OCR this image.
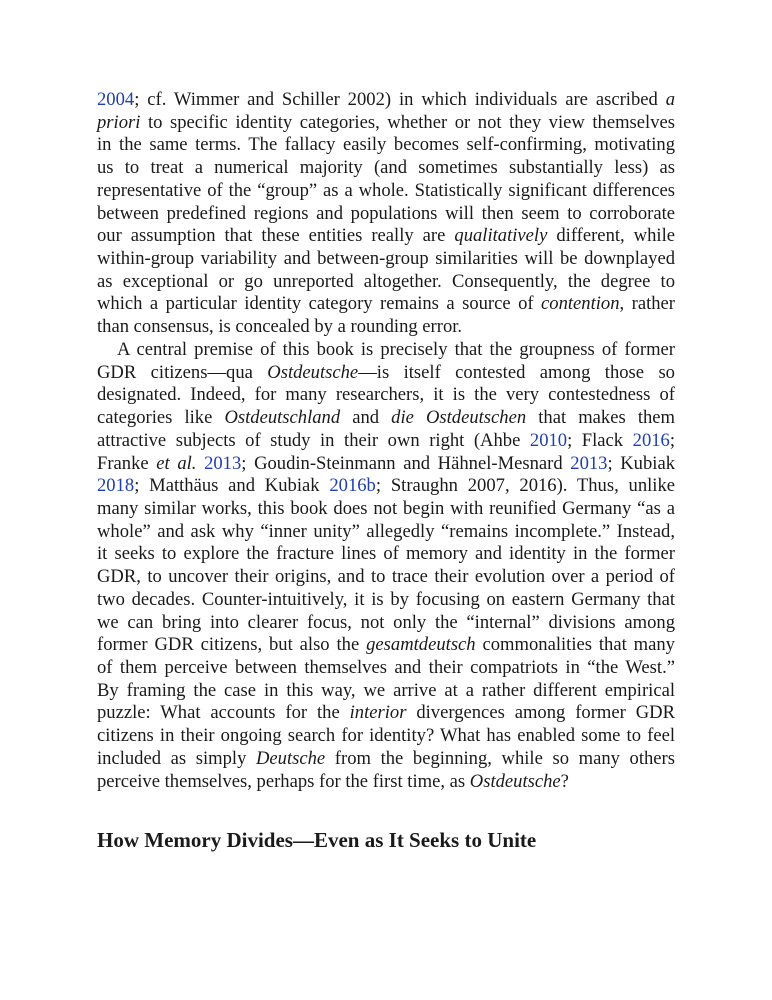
2004; cf. Wimmer and Schiller 2002) in which individuals are ascribed a
priori to specific identity categories, whether or not they view themselves
in the same terms. The fallacy easily becomes self-confirming, motivating
us to treat a numerical majority (and sometimes substantially less) as
representative of the “group” as a whole. Statistically significant differences
between predefined regions and populations will then seem to corroborate
our assumption that these entities really are qualitatively different, while
within-group variability and between-group similarities will be downplayed
as exceptional or go unreported altogether. Consequently, the degree to
which a particular identity category remains a source of contention, rather
than consensus, is concealed by a rounding error.
A central premise of this book is precisely that the groupness of former
GDR citizens—qua Ostdeutsche—is itself contested among those so
designated. Indeed, for many researchers, it is the very contestedness of
categories like Ostdeutschland and die Ostdeutschen that makes them
attractive subjects of study in their own right (Ahbe 2010; Flack 2016;
Franke et al. 2013; Goudin-Steinmann and Hähnel-Mesnard 2013; Kubiak
2018; Matthäus and Kubiak 2016b; Straughn 2007, 2016). Thus, unlike
many similar works, this book does not begin with reunified Germany “as a
whole” and ask why “inner unity” allegedly “remains incomplete.” Instead,
it seeks to explore the fracture lines of memory and identity in the former
GDR, to uncover their origins, and to trace their evolution over a period of
two decades. Counter-intuitively, it is by focusing on eastern Germany that
we can bring into clearer focus, not only the “internal” divisions among
former GDR citizens, but also the gesamtdeutsch commonalities that many
of them perceive between themselves and their compatriots in “the West.”
By framing the case in this way, we arrive at a rather different empirical
puzzle: What accounts for the interior divergences among former GDR
citizens in their ongoing search for identity? What has enabled some to feel
included as simply Deutsche from the beginning, while so many others
perceive themselves, perhaps for the first time, as Ostdeutsche?
How Memory Divides—Even as It Seeks to Unite
